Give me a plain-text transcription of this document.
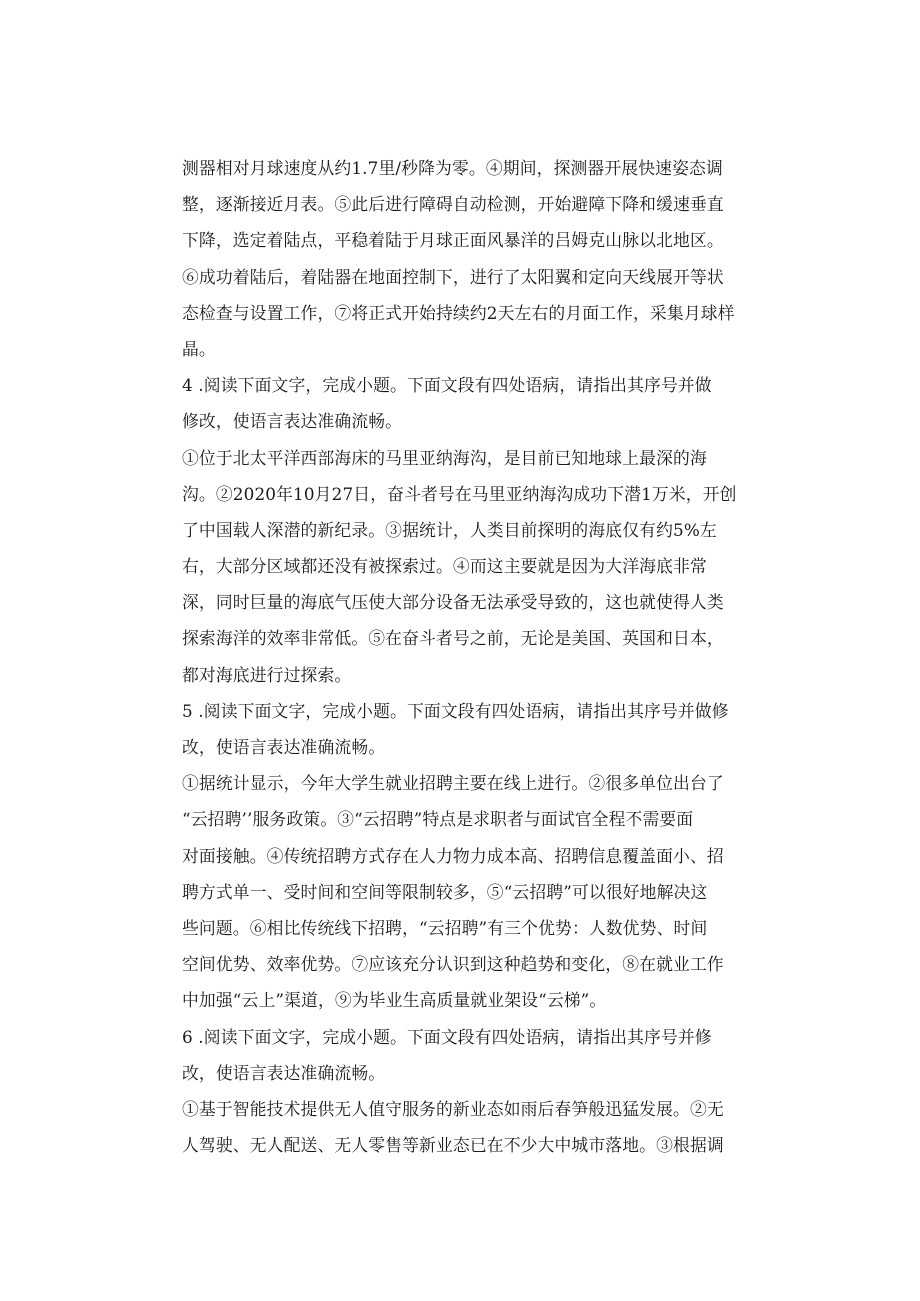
测器相对月球速度从约1.7里/秒降为零。④期间，探测器开展快速姿态调
整，逐渐接近月表。⑤此后进行障碍自动检测，开始避障下降和缓速垂直
下降，选定着陆点，平稳着陆于月球正面风暴洋的吕姆克山脉以北地区。
⑥成功着陆后，着陆器在地面控制下，进行了太阳翼和定向天线展开等状
态检查与设置工作，⑦将正式开始持续约2天左右的月面工作，采集月球样
晶。
4 .阅读下面文字，完成小题。下面文段有四处语病，请指出其序号并做
修改，使语言表达准确流畅。
①位于北太平洋西部海床的马里亚纳海沟，是目前已知地球上最深的海
沟。②2020年10月27日，奋斗者号在马里亚纳海沟成功下潜1万米，开创
了中国载人深潜的新纪录。③据统计，人类目前探明的海底仅有约5%左
右，大部分区域都还没有被探索过。④而这主要就是因为大洋海底非常
深，同时巨量的海底气压使大部分设备无法承受导致的，这也就使得人类
探索海洋的效率非常低。⑤在奋斗者号之前，无论是美国、英国和日本，
都对海底进行过探索。
5 .阅读下面文字，完成小题。下面文段有四处语病，请指出其序号并做修
改，使语言表达准确流畅。
①据统计显示，今年大学生就业招聘主要在线上进行。②很多单位出台了
“云招聘’’服务政策。③“云招聘”特点是求职者与面试官全程不需要面
对面接触。④传统招聘方式存在人力物力成本高、招聘信息覆盖面小、招
聘方式单一、受时间和空间等限制较多，⑤“云招聘”可以很好地解决这
些问题。⑥相比传统线下招聘，“云招聘”有三个优势：人数优势、时间
空间优势、效率优势。⑦应该充分认识到这种趋势和变化，⑧在就业工作
中加强“云上”渠道，⑨为毕业生高质量就业架设“云梯”。
6 .阅读下面文字，完成小题。下面文段有四处语病，请指出其序号并修
改，使语言表达准确流畅。
①基于智能技术提供无人值守服务的新业态如雨后春笋般迅猛发展。②无
人驾驶、无人配送、无人零售等新业态已在不少大中城市落地。③根据调
